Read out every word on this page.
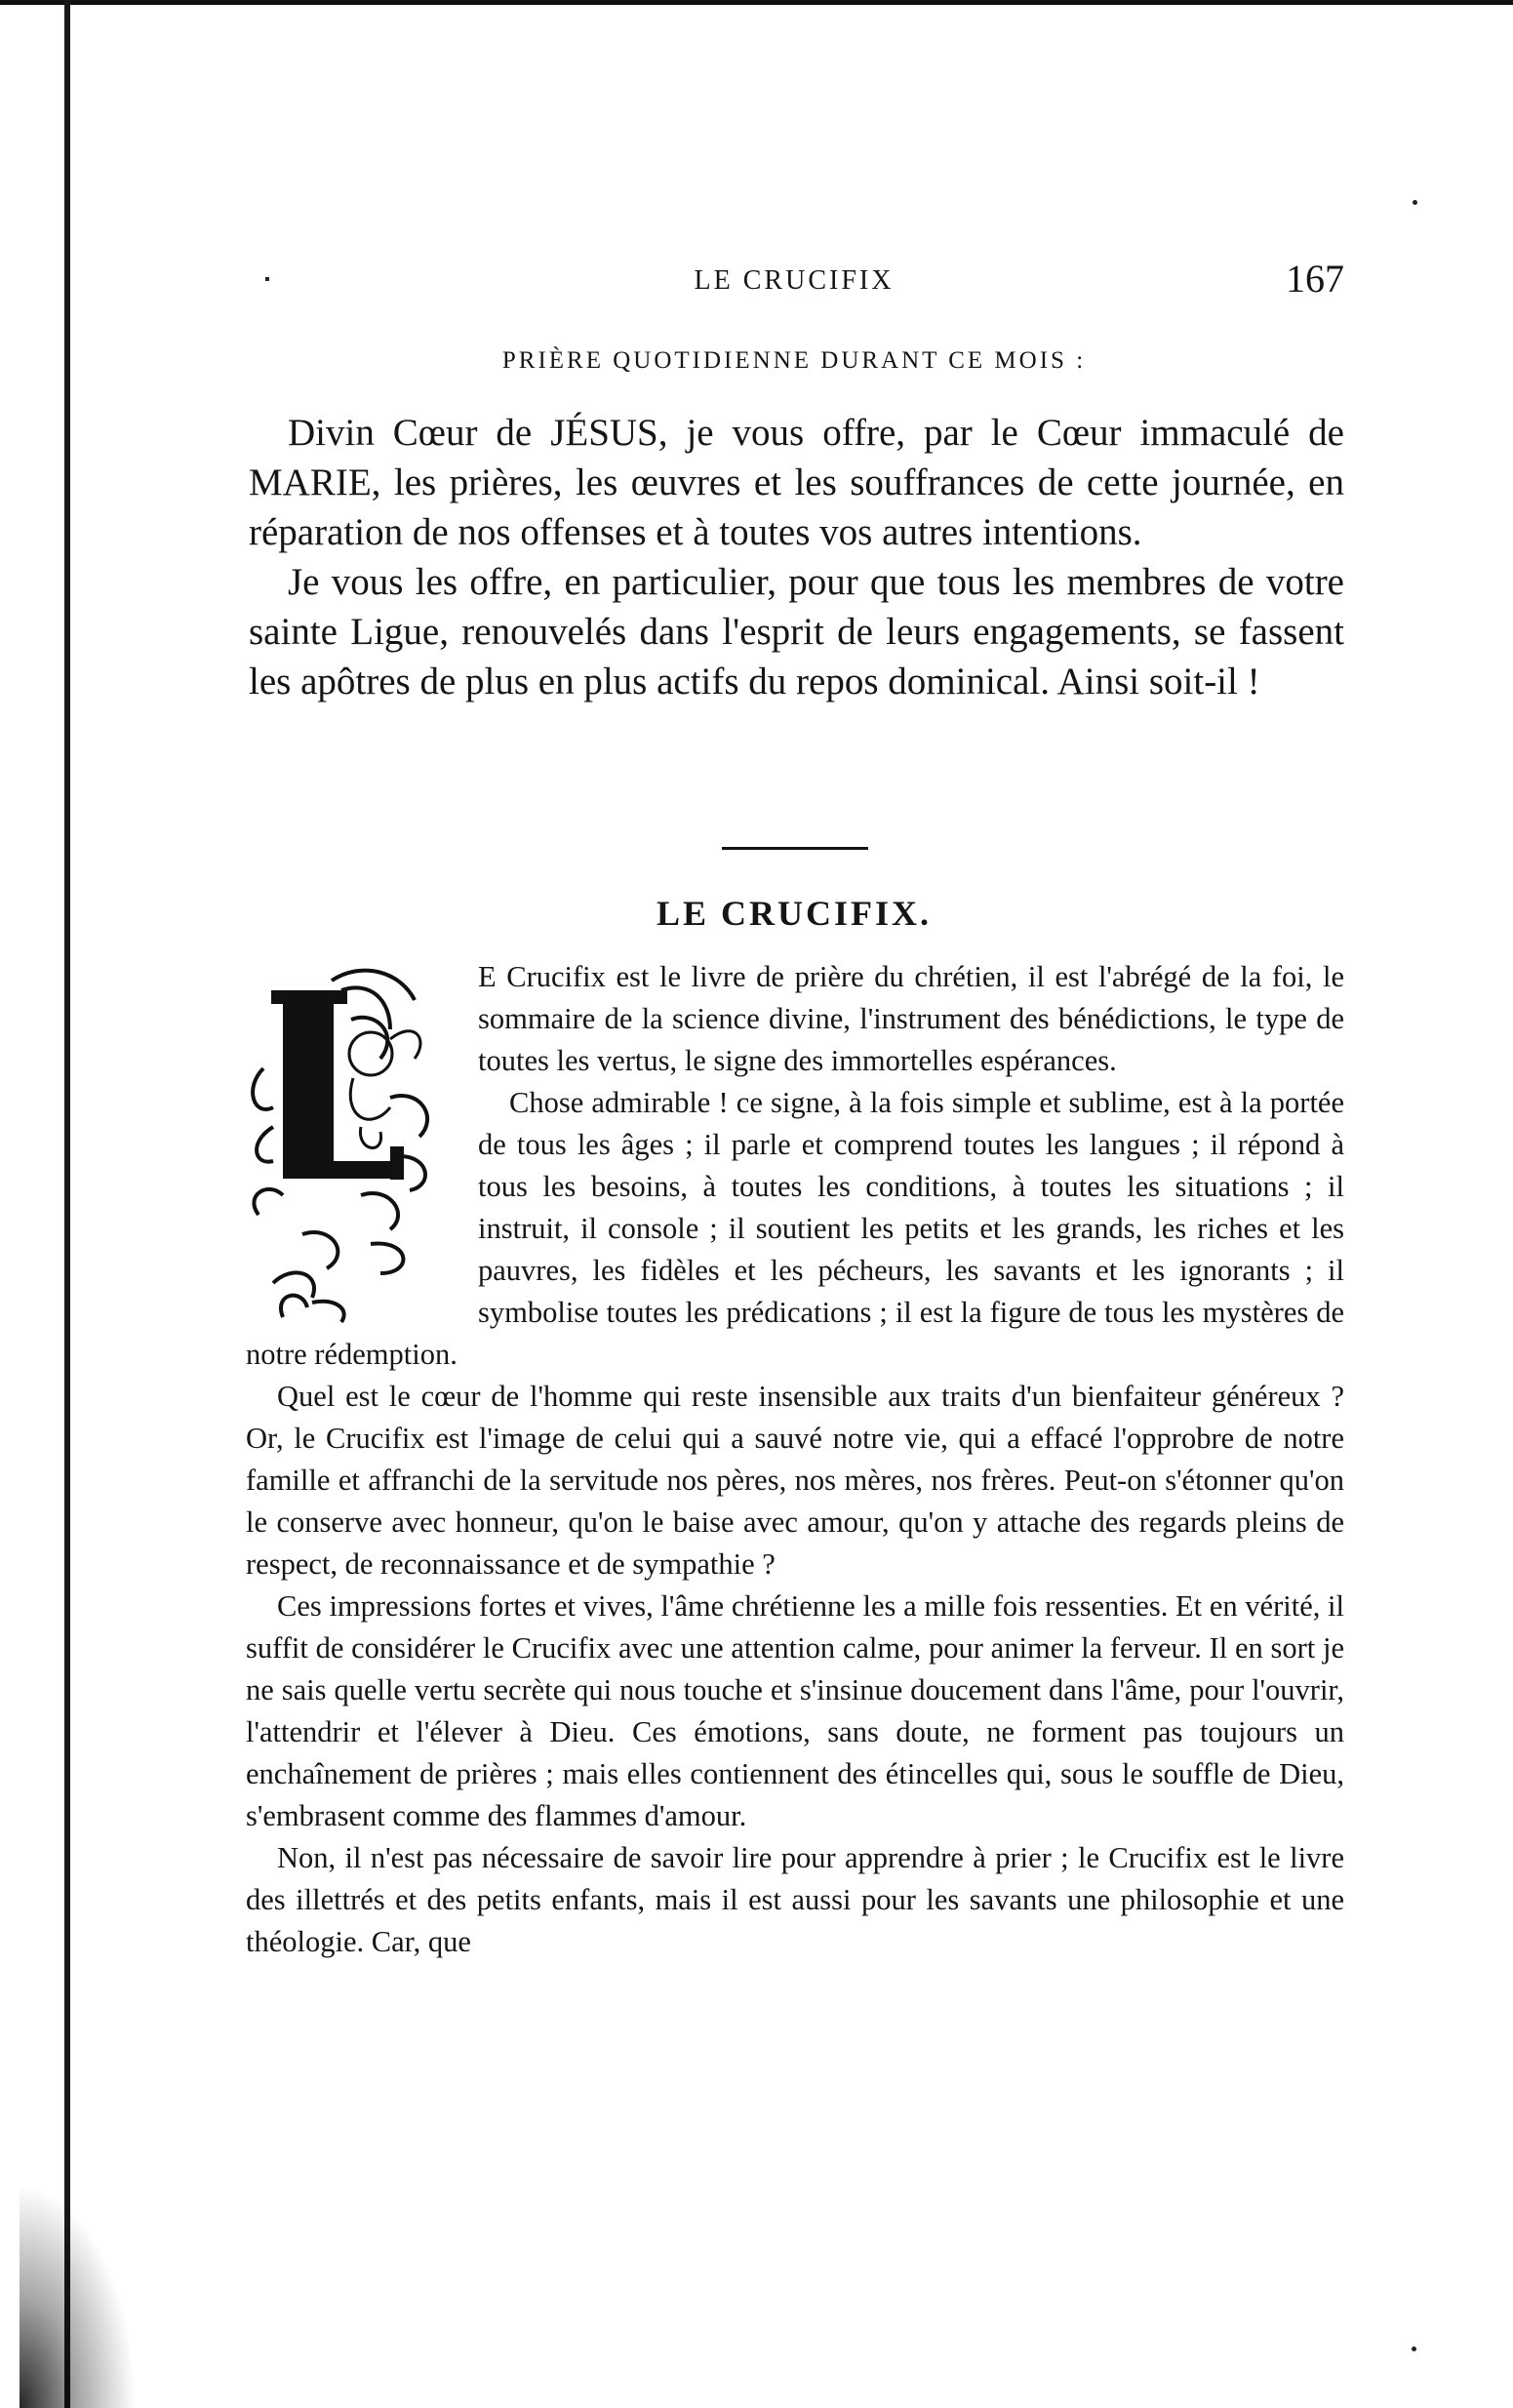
LE CRUCIFIX	167
PRIÈRE QUOTIDIENNE DURANT CE MOIS :

Divin Cœur de JÉSUS, je vous offre, par le Cœur immaculé de MARIE, les prières, les œuvres et les souffrances de cette journée, en réparation de nos offenses et à toutes vos autres intentions.

Je vous les offre, en particulier, pour que tous les membres de votre sainte Ligue, renouvelés dans l'esprit de leurs engagements, se fassent les apôtres de plus en plus actifs du repos dominical. Ainsi soit-il !

LE CRUCIFIX.

E Crucifix est le livre de prière du chrétien, il est l'abrégé de la foi, le sommaire de la science divine, l'instrument des bénédictions, le type de toutes les vertus, le signe des immortelles espérances.

Chose admirable ! ce signe, à la fois simple et sublime, est à la portée de tous les âges ; il parle et comprend toutes les langues ; il répond à tous les besoins, à toutes les conditions, à toutes les situations ; il instruit, il console ; il soutient les petits et les grands, les riches et les pauvres, les fidèles et les pécheurs, les savants et les ignorants ; il symbolise toutes les prédications ; il est la figure de tous les mystères de notre rédemption.

Quel est le cœur de l'homme qui reste insensible aux traits d'un bienfaiteur généreux ? Or, le Crucifix est l'image de celui qui a sauvé notre vie, qui a effacé l'opprobre de notre famille et affranchi de la servitude nos pères, nos mères, nos frères. Peut-on s'étonner qu'on le conserve avec honneur, qu'on le baise avec amour, qu'on y attache des regards pleins de respect, de reconnaissance et de sympathie ?

Ces impressions fortes et vives, l'âme chrétienne les a mille fois ressenties. Et en vérité, il suffit de considérer le Crucifix avec une attention calme, pour animer la ferveur. Il en sort je ne sais quelle vertu secrète qui nous touche et s'insinue doucement dans l'âme, pour l'ouvrir, l'attendrir et l'élever à Dieu. Ces émotions, sans doute, ne forment pas toujours un enchaînement de prières ; mais elles contiennent des étincelles qui, sous le souffle de Dieu, s'embrasent comme des flammes d'amour.

Non, il n'est pas nécessaire de savoir lire pour apprendre à prier ; le Crucifix est le livre des illettrés et des petits enfants, mais il est aussi pour les savants une philosophie et une théologie. Car, que
